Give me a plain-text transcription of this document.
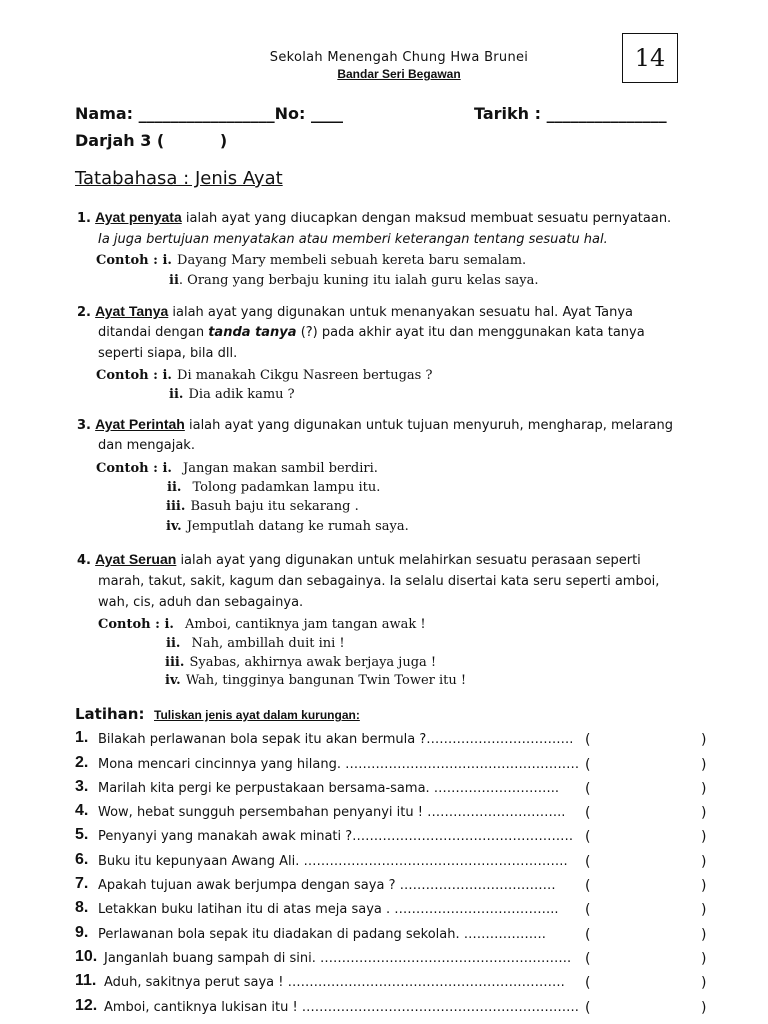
Sekolah Menengah Chung Hwa Brunei
Bandar Seri Begawan
14
Nama: _________________No: ____	Tarikh : _______________
Darjah 3 (          )
Tatabahasa : Jenis Ayat
1. Ayat penyata ialah ayat yang diucapkan dengan maksud membuat sesuatu pernyataan.
Ia juga bertujuan menyatakan atau memberi keterangan tentang sesuatu hal.
Contoh : i. Dayang Mary membeli sebuah kereta baru semalam.
ii. Orang yang berbaju kuning itu ialah guru kelas saya.
2. Ayat Tanya ialah ayat yang digunakan untuk menanyakan sesuatu hal. Ayat Tanya
ditandai dengan tanda tanya (?) pada akhir ayat itu dan menggunakan kata tanya
seperti siapa, bila dll.
Contoh : i. Di manakah Cikgu Nasreen bertugas ?
ii. Dia adik kamu ?
3. Ayat Perintah ialah ayat yang digunakan untuk tujuan menyuruh, mengharap, melarang
dan mengajak.
Contoh : i. Jangan makan sambil berdiri.
ii. Tolong padamkan lampu itu.
iii. Basuh baju itu sekarang .
iv. Jemputlah datang ke rumah saya.
4. Ayat Seruan ialah ayat yang digunakan untuk melahirkan sesuatu perasaan seperti
marah, takut, sakit, kagum dan sebagainya. Ia selalu disertai kata seru seperti amboi,
wah, cis, aduh dan sebagainya.
Contoh : i. Amboi, cantiknya jam tangan awak !
ii. Nah, ambillah duit ini !
iii. Syabas, akhirnya awak berjaya juga !
iv. Wah, tingginya bangunan Twin Tower itu !
Latihan: Tuliskan jenis ayat dalam kurungan:
1. Bilakah perlawanan bola sepak itu akan bermula ?……………………………. (	)
2. Mona mencari cincinnya yang hilang. ……………………………………………… (	)
3. Marilah kita pergi ke perpustakaan bersama-sama. ……………………….. (	)
4. Wow, hebat sungguh persembahan penyanyi itu ! ………………………….. (	)
5. Penyanyi yang manakah awak minati ?…………………………………………… (	)
6. Buku itu kepunyaan Awang Ali. ……………………………………………………. (	)
7. Apakah tujuan awak berjumpa dengan saya ? ……………………………… (	)
8. Letakkan buku latihan itu di atas meja saya . ……………………………….. (	)
9. Perlawanan bola sepak itu diadakan di padang sekolah. ……………….	(	)
10. Janganlah buang sampah di sini. …………………………………………………. (	)
11. Aduh, sakitnya perut saya ! ………………………………………………………. (	)
12. Amboi, cantiknya lukisan itu ! ………………………………………………………. (	)
